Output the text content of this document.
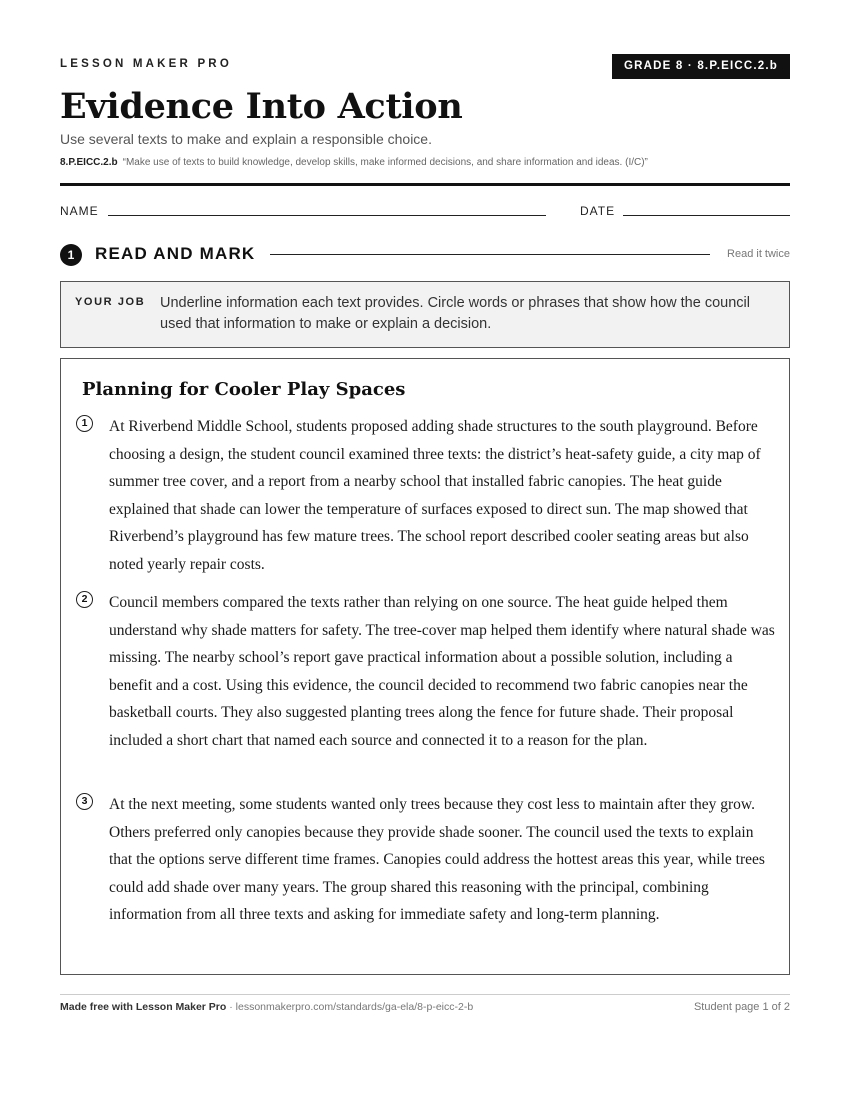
LESSON MAKER PRO	GRADE 8 · 8.P.EICC.2.b
Evidence Into Action
Use several texts to make and explain a responsible choice.
8.P.EICC.2.b “Make use of texts to build knowledge, develop skills, make informed decisions, and share information and ideas. (I/C)”
NAME	DATE
1	READ AND MARK	Read it twice
YOUR JOB Underline information each text provides. Circle words or phrases that show how the council used that information to make or explain a decision.
Planning for Cooler Play Spaces
1	At Riverbend Middle School, students proposed adding shade structures to the south playground. Before choosing a design, the student council examined three texts: the district’s heat-safety guide, a city map of summer tree cover, and a report from a nearby school that installed fabric canopies. The heat guide explained that shade can lower the temperature of surfaces exposed to direct sun. The map showed that Riverbend’s playground has few mature trees. The school report described cooler seating areas but also noted yearly repair costs.
2	Council members compared the texts rather than relying on one source. The heat guide helped them understand why shade matters for safety. The tree-cover map helped them identify where natural shade was missing. The nearby school’s report gave practical information about a possible solution, including a benefit and a cost. Using this evidence, the council decided to recommend two fabric canopies near the basketball courts. They also suggested planting trees along the fence for future shade. Their proposal included a short chart that named each source and connected it to a reason for the plan.
3	At the next meeting, some students wanted only trees because they cost less to maintain after they grow. Others preferred only canopies because they provide shade sooner. The council used the texts to explain that the options serve different time frames. Canopies could address the hottest areas this year, while trees could add shade over many years. The group shared this reasoning with the principal, combining information from all three texts and asking for immediate safety and long-term planning.
Made free with Lesson Maker Pro · lessonmakerpro.com/standards/ga-ela/8-p-eicc-2-b	Student page 1 of 2
